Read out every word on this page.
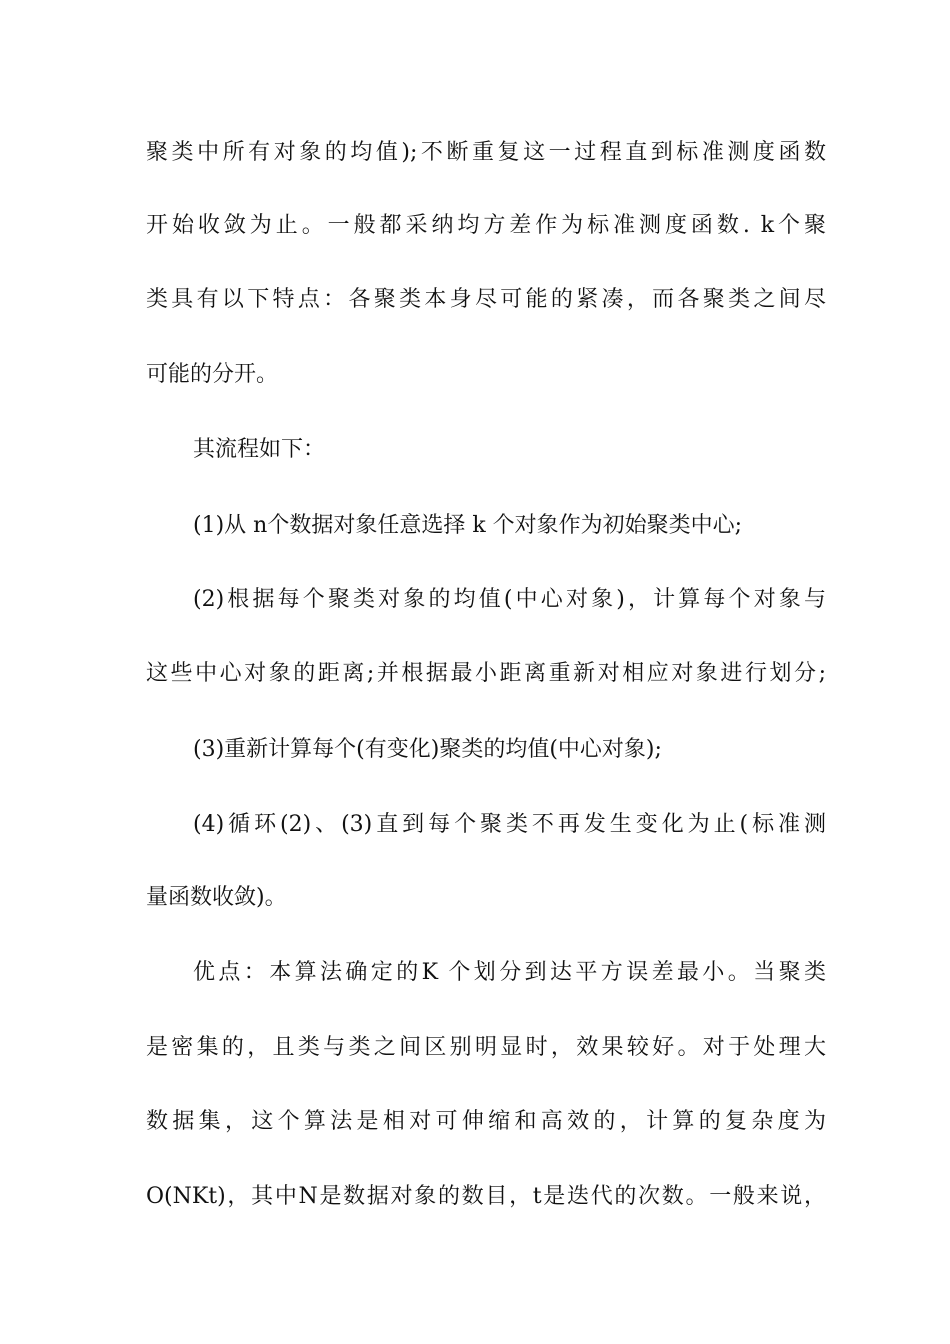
聚类中所有对象的均值);不断重复这一过程直到标准测度函数
开始收敛为止。一般都采纳均方差作为标准测度函数. k个聚
类具有以下特点：各聚类本身尽可能的紧凑，而各聚类之间尽
可能的分开。
其流程如下：
(1)从 n个数据对象任意选择 k 个对象作为初始聚类中心;
(2)根据每个聚类对象的均值(中心对象)，计算每个对象与
这些中心对象的距离;并根据最小距离重新对相应对象进行划分;
(3)重新计算每个(有变化)聚类的均值(中心对象);
(4)循环(2)、(3)直到每个聚类不再发生变化为止(标准测
量函数收敛)。
优点：本算法确定的K 个划分到达平方误差最小。当聚类
是密集的，且类与类之间区别明显时，效果较好。对于处理大
数据集，这个算法是相对可伸缩和高效的，计算的复杂度为
O(NKt)，其中N是数据对象的数目，t是迭代的次数。一般来说，
